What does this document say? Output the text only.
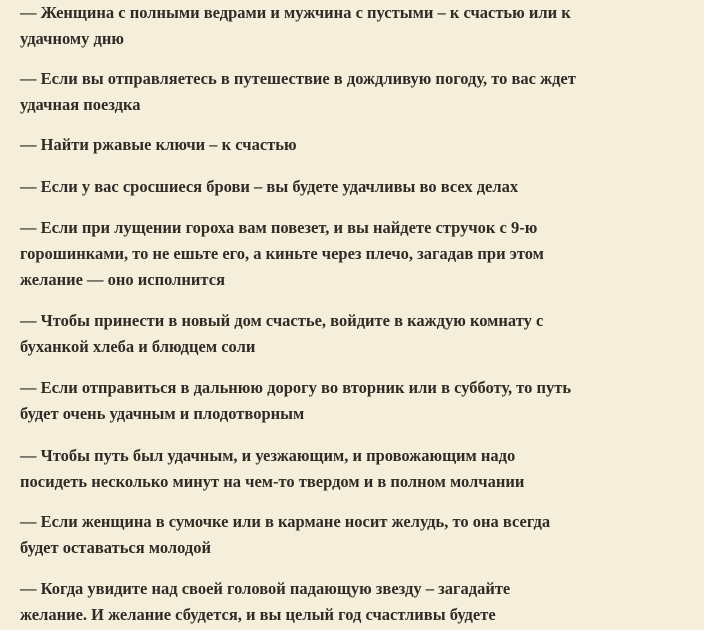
— Женщина с полными ведрами и мужчина с пустыми – к счастью или к
удачному дню

— Если вы отправляетесь в путешествие в дождливую погоду, то вас ждет
удачная поездка

— Найти ржавые ключи – к счастью

— Если у вас сросшиеся брови – вы будете удачливы во всех делах

— Если при лущении гороха вам повезет, и вы найдете стручок с 9-ю
горошинками, то не ешьте его, а киньте через плечо, загадав при этом
желание — оно исполнится

— Чтобы принести в новый дом счастье, войдите в каждую комнату с
буханкой хлеба и блюдцем соли

— Если отправиться в дальнюю дорогу во вторник или в субботу, то путь
будет очень удачным и плодотворным

— Чтобы путь был удачным, и уезжающим, и провожающим надо
посидеть несколько минут на чем-то твердом и в полном молчании

— Если женщина в сумочке или в кармане носит желудь, то она всегда
будет оставаться молодой

— Когда увидите над своей головой падающую звезду – загадайте
желание. И желание сбудется, и вы целый год счастливы будете
